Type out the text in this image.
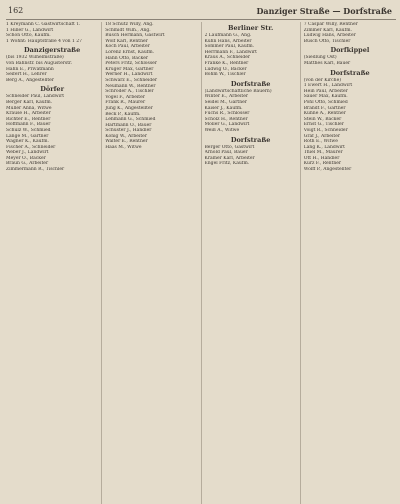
162	Danziger Straße — Dorfstraße

1 Kreymann C. Gastwirtschaft T.

1 Hiller G., Landwirt

Schön Otto, Kaufm.

1 Wohnt: Hauptstraße 4 von 1 27

Danzigerstraße

(bis 1932 Wilhelmstraße)

von Bahnstr. bis Augusterstr.

Hahn E., Privatmann

Seifert H., Lehrer

Berg A., Angestellter

Dörfer

Schneider Paul, Landwirt

Berger Karl, Kaufm.

Müller Anna, Witwe

Krause H., Arbeiter

Richter E., Rentner

Hoffmann F., Bauer

Schulz W., Schmied

Lange M., Gärtner

Wagner K., Kaufm.

Fischer A., Schneider

Weber J., Landwirt

Meyer O., Bäcker

Braun G., Arbeiter

Zimmermann R., Tischler

18 Schütz Willy, Ang.

Schmidt Wilh., Ang.

Busch Hermann, Gastwirt

Wolf Karl, Rentner

Koch Paul, Arbeiter

Lorenz Ernst, Kaufm.

Hahn Otto, Bäcker

Peters Fritz, Schlosser

Krüger Max, Gärtner

Werner H., Landwirt

Schwarz E., Schneider

Neumann W., Rentner

Schröder A., Tischler

Vogel F., Arbeiter

Frank R., Maurer

Jung K., Angestellter

Beck P., Kaufm.

Lehmann G., Schmied

Hartmann O., Bauer

Schuster J., Händler

König W., Arbeiter

Walter E., Rentner

Haas M., Witwe

Berliner Str.

2 Laufmann G., Ang.

Kühn Hans, Arbeiter

Sommer Paul, Kaufm.

Herrmann F., Landwirt

Kraus A., Schneider

Franke K., Rentner

Ludwig O., Bäcker

Böhm W., Tischler

Dorfstraße

(Landwirtschaftliche Bauern)

Winter E., Arbeiter

Seidel M., Gärtner

Kaiser J., Kaufm.

Fuchs R., Schlosser

Scholz H., Rentner

Möller G., Landwirt

Weiß A., Witwe

Dorfstraße

Berger Otto, Gastwirt

Arnold Paul, Bauer

Krämer Karl, Arbeiter

Engel Fritz, Kaufm.

7 Caspar Willy, Rentner

Zimmer Karl, Kaufm.

Ludwig Hans, Arbeiter

Busch Otto, Tischler

Dorfkippel

(Siedlung Ost)

Matthes Karl, Bauer

Dorfstraße

(von der Kirche)

1 Ewert H., Landwirt

Hein Paul, Arbeiter

Sauer Max, Kaufm.

Pohl Otto, Schmied

Brandt F., Gärtner

Kühne A., Rentner

Stein W., Bäcker

Ernst G., Tischler

Voigt R., Schneider

Graf J., Arbeiter

Roth E., Witwe

Lang K., Landwirt

Thiel M., Maurer

Ott H., Händler

Kurz F., Rentner

Wolff P., Angestellter
